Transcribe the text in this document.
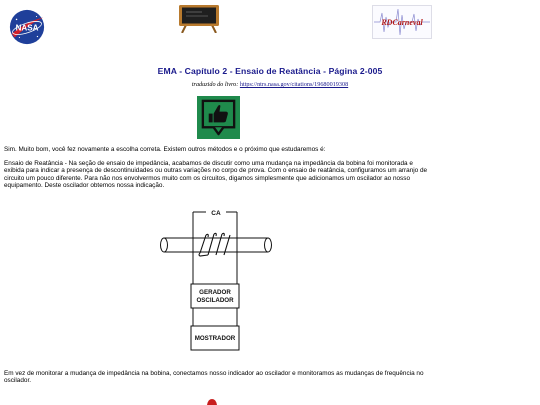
NASA
RDCarneval
EMA - Capítulo 2 - Ensaio de Reatância - Página 2-005
traduzido do livro: https://ntrs.nasa.gov/citations/19680019308
Sim. Muito bom, você fez novamente a escolha correta. Existem outros métodos e o próximo que estudaremos é:
Ensaio de Reatância - Na seção de ensaio de impedância, acabamos de discutir como uma mudança na impedância da bobina foi monitorada e exibida para indicar a presença de descontinuidades ou outras variações no corpo de prova. Com o ensaio de reatância, configuramos um arranjo de circuito um pouco diferente. Para não nos envolvermos muito com os circuitos, digamos simplesmente que adicionamos um oscilador ao nosso equipamento. Deste oscilador obtemos nossa indicação.
CA
GERADOR
OSCILADOR
MOSTRADOR
Em vez de monitorar a mudança de impedância na bobina, conectamos nosso indicador ao oscilador e monitoramos as mudanças de frequência no oscilador.
